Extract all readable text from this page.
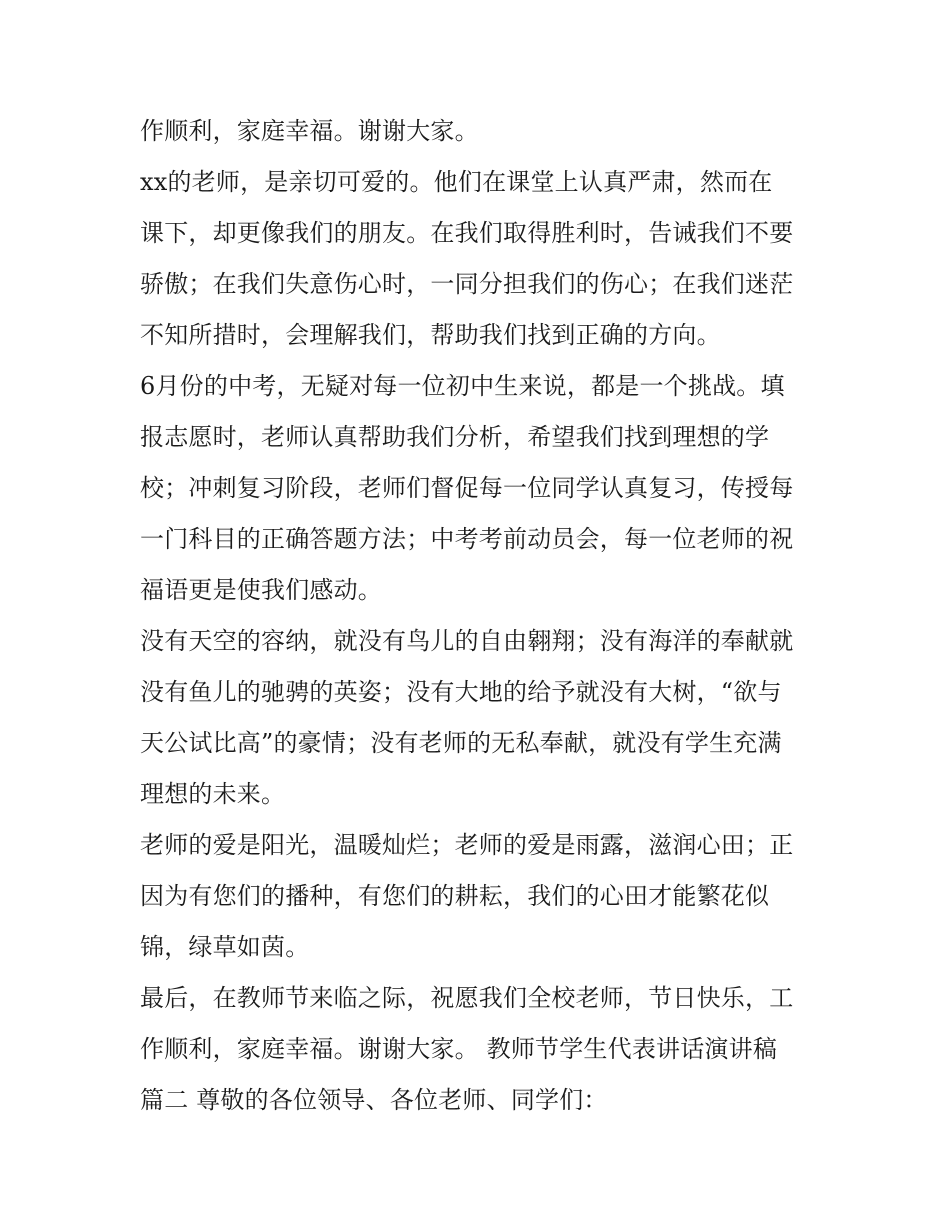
作顺利，家庭幸福。谢谢大家。
xx的老师，是亲切可爱的。他们在课堂上认真严肃，然而在
课下，却更像我们的朋友。在我们取得胜利时，告诫我们不要
骄傲；在我们失意伤心时，一同分担我们的伤心；在我们迷茫
不知所措时，会理解我们，帮助我们找到正确的方向。
6月份的中考，无疑对每一位初中生来说，都是一个挑战。填
报志愿时，老师认真帮助我们分析，希望我们找到理想的学
校；冲刺复习阶段，老师们督促每一位同学认真复习，传授每
一门科目的正确答题方法；中考考前动员会，每一位老师的祝
福语更是使我们感动。
没有天空的容纳，就没有鸟儿的自由翱翔；没有海洋的奉献就
没有鱼儿的驰骋的英姿；没有大地的给予就没有大树，“欲与
天公试比高”的豪情；没有老师的无私奉献，就没有学生充满
理想的未来。
老师的爱是阳光，温暖灿烂；老师的爱是雨露，滋润心田；正
因为有您们的播种，有您们的耕耘，我们的心田才能繁花似
锦，绿草如茵。
最后，在教师节来临之际，祝愿我们全校老师，节日快乐，工
作顺利，家庭幸福。谢谢大家。 教师节学生代表讲话演讲稿
篇二 尊敬的各位领导、各位老师、同学们：
